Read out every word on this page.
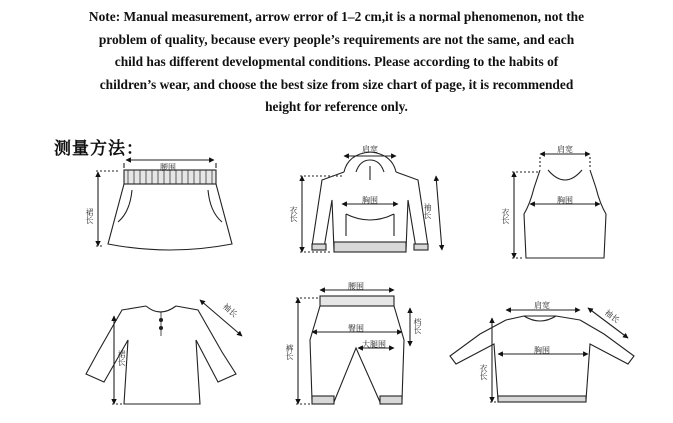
Note: Manual measurement, arrow error of 1–2 cm,it is a normal phenomenon, not the
problem of quality, because every people’s requirements are not the same, and each
child has different developmental conditions. Please according to the habits of
children’s wear, and choose the best size from size chart of page, it is recommended
height for reference only.
测量方法：
腰围
裙长
肩宽
胸围
衣长	袖长
肩宽
胸围
衣长
袖长
裙长
腰围
臀围	档长
大腿围
裤长
肩宽
胸围
衣长
袖长
